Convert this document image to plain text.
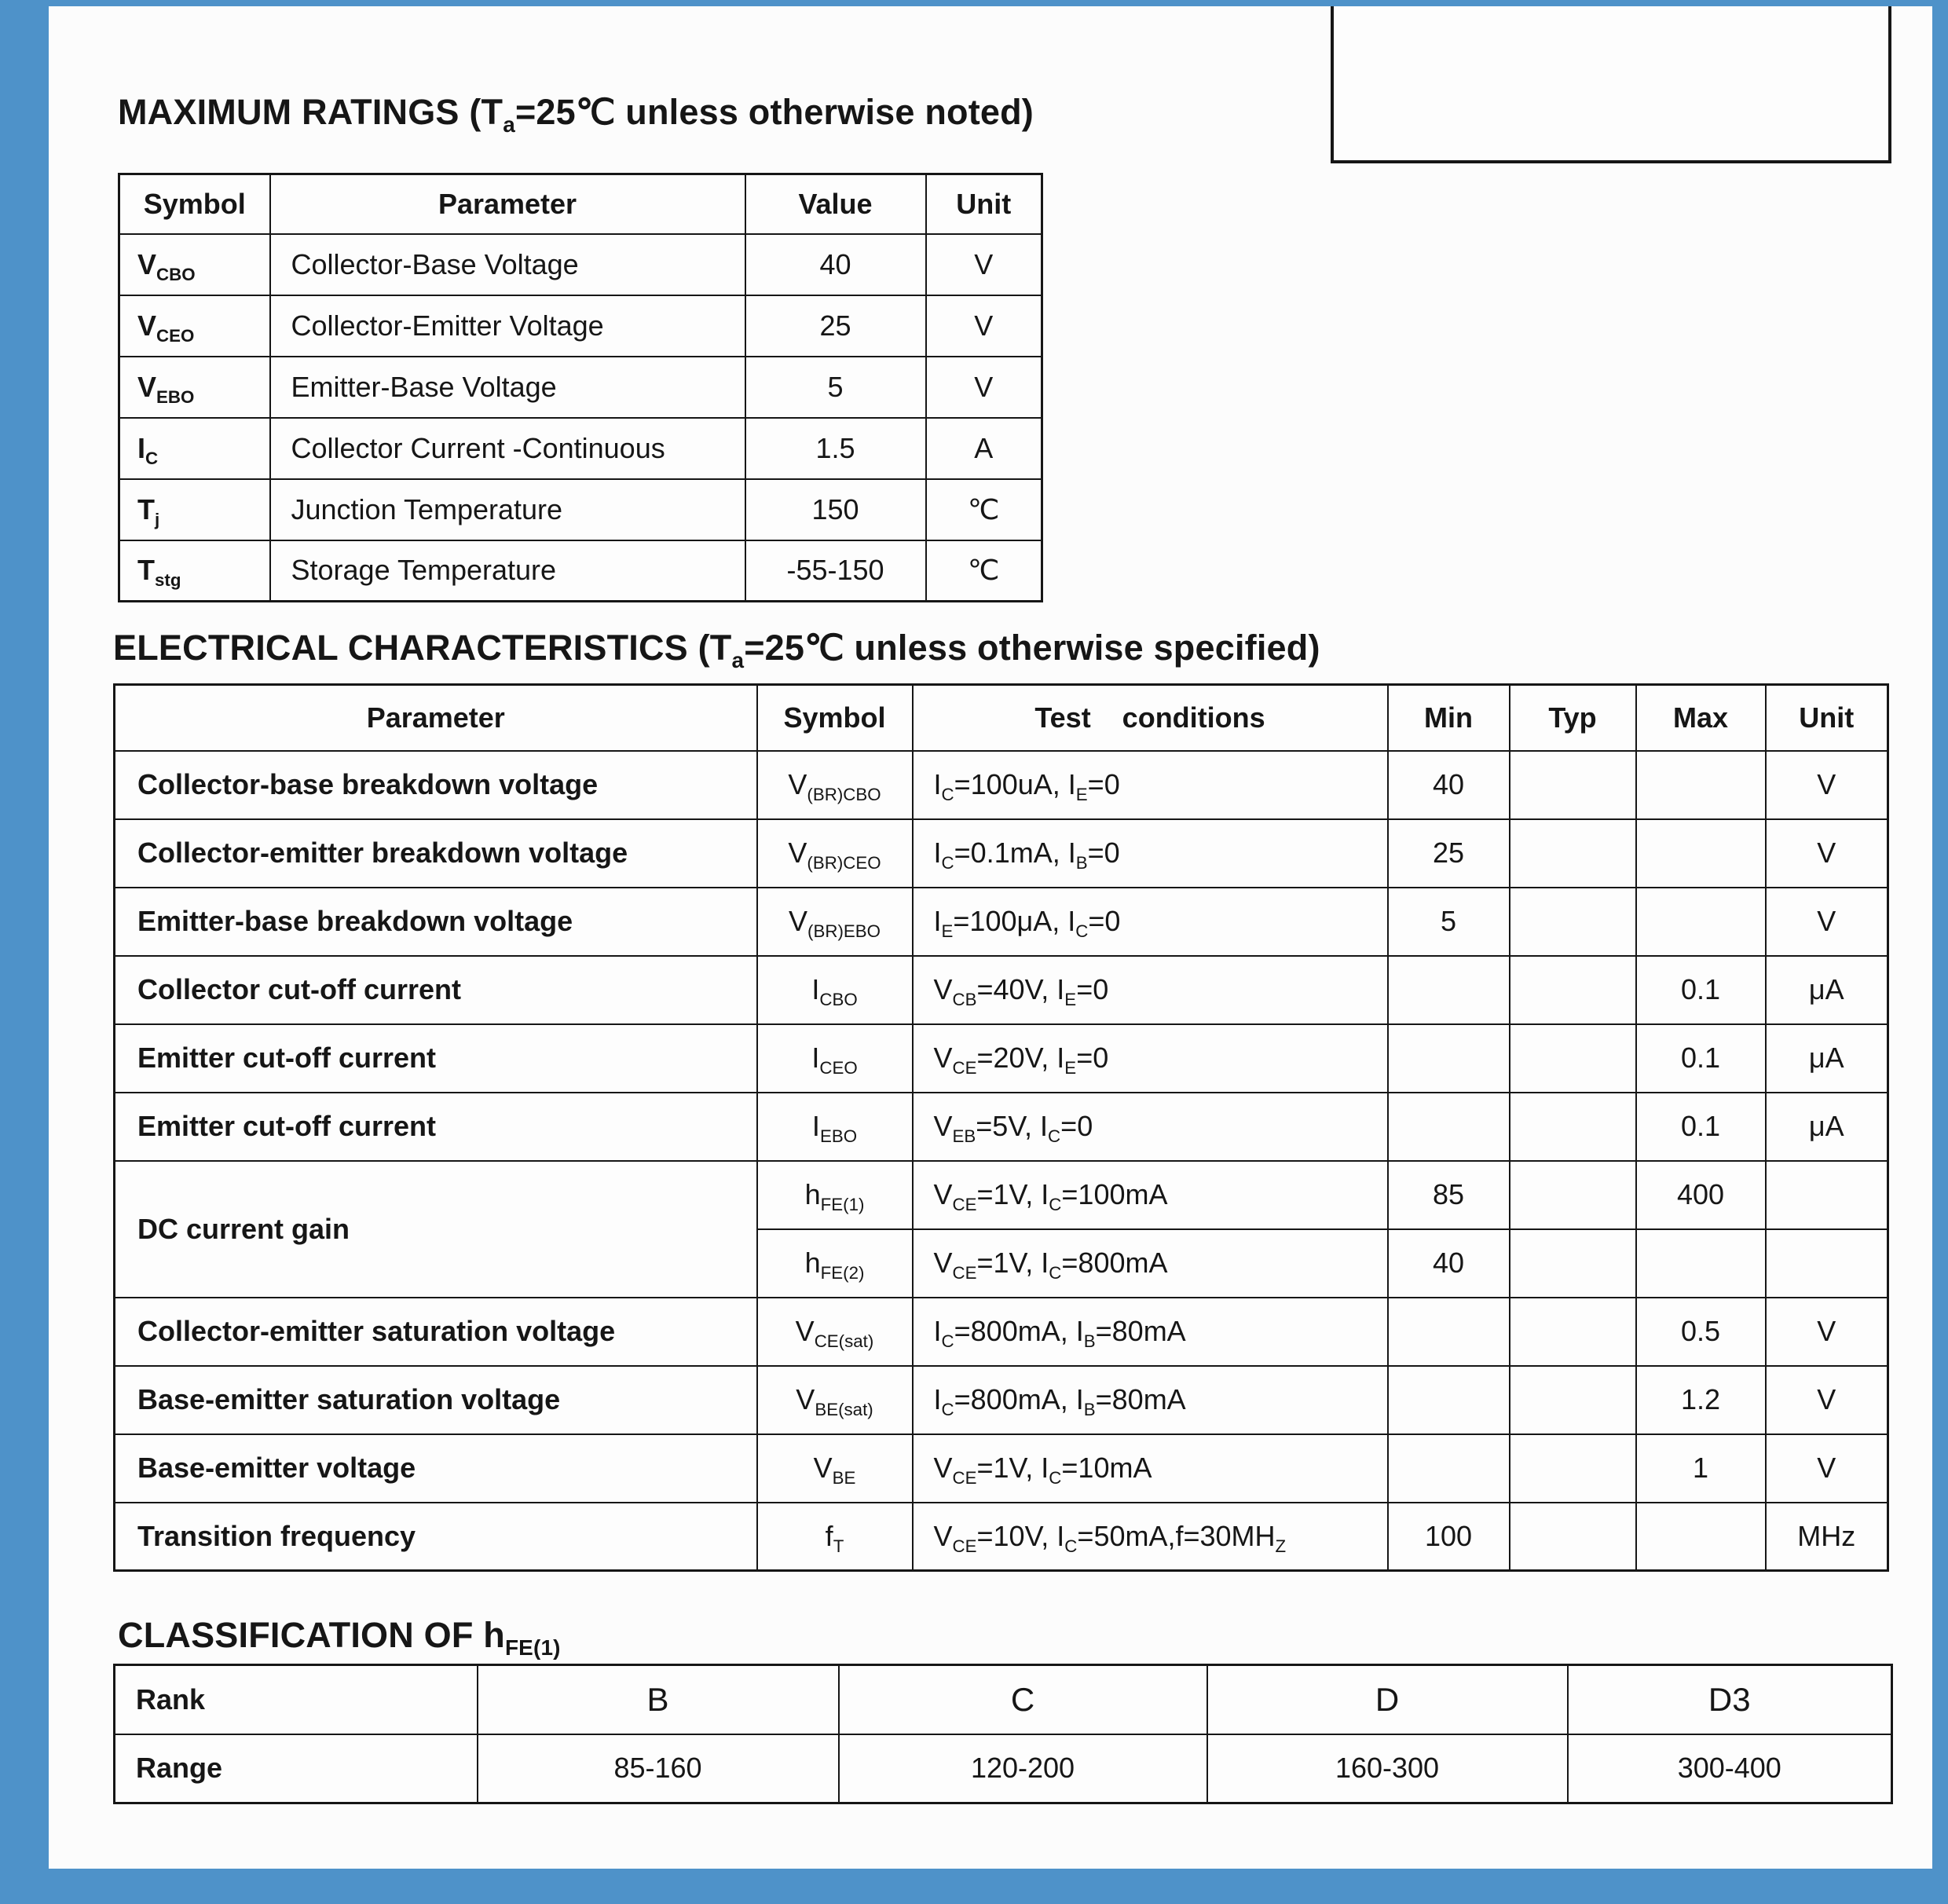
MAXIMUM RATINGS ($T_a=25℃$ unless otherwise noted)
Symbol	Parameter	Value	Unit
$V_{CBO}$	Collector-Base Voltage	40	V
$V_{CEO}$	Collector-Emitter Voltage	25	V
$V_{EBO}$	Emitter-Base Voltage	5	V
$I_C$	Collector Current -Continuous	1.5	A
$T_j$	Junction Temperature	150	℃
$T_{stg}$	Storage Temperature	-55-150	℃
ELECTRICAL CHARACTERISTICS ($T_a=25℃$ unless otherwise specified)
Parameter	Symbol	Test conditions	Min	Typ	Max	Unit
Collector-base breakdown voltage	$V_{(BR)CBO}$	$I_C=100uA$, $I_E=0$	40			V
Collector-emitter breakdown voltage	$V_{(BR)CEO}$	$I_C=0.1mA$, $I_B=0$	25			V
Emitter-base breakdown voltage	$V_{(BR)EBO}$	$I_E=100\mu A$, $I_C=0$	5			V
Collector cut-off current	$I_{CBO}$	$V_{CB}=40V$, $I_E=0$			0.1	μA
Emitter cut-off current	$I_{CEO}$	$V_{CE}=20V$, $I_E=0$			0.1	μA
Emitter cut-off current	$I_{EBO}$	$V_{EB}=5V$, $I_C=0$			0.1	μA
DC current gain	$h_{FE(1)}$	$V_{CE}=1V$, $I_C=100mA$	85		400	
	$h_{FE(2)}$	$V_{CE}=1V$, $I_C=800mA$	40			
Collector-emitter saturation voltage	$V_{CE(sat)}$	$I_C=800mA$, $I_B=80mA$			0.5	V
Base-emitter saturation voltage	$V_{BE(sat)}$	$I_C=800mA$, $I_B=80mA$			1.2	V
Base-emitter voltage	$V_{BE}$	$V_{CE}=1V$, $I_C=10mA$			1	V
Transition frequency	$f_T$	$V_{CE}=10V$, $I_C=50mA,f=30MH_Z$	100			MHz
CLASSIFICATION OF $h_{FE(1)}$
Rank	B	C	D	D3
Range	85-160	120-200	160-300	300-400
